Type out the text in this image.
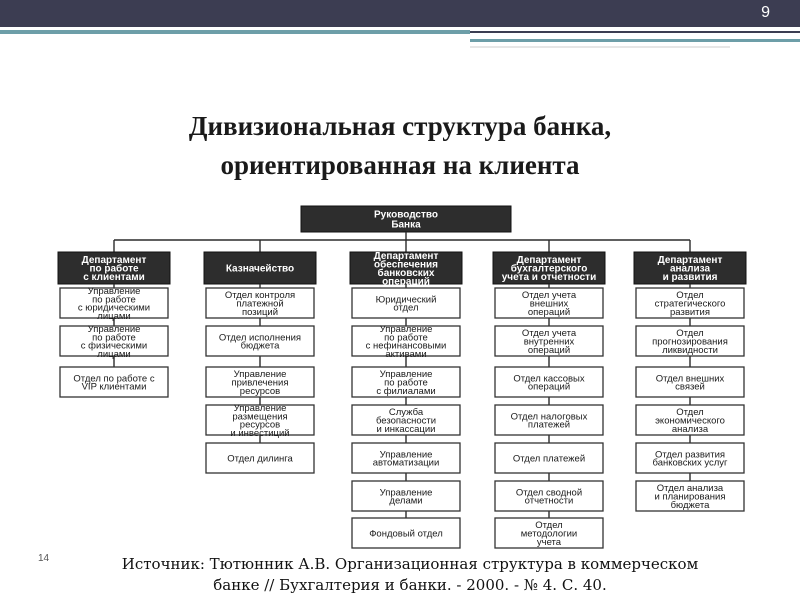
9
Дивизиональная структура банка,
ориентированная на клиента
Руководство
Банка
Департамент
по работе
с клиентами
Управление
по работе
с юридическими
лицами
Управление
по работе
с физическими
лицами
Отдел по работе с
VIP клиентами
Казначейство
Отдел контроля
платежной
позиций
Отдел исполнения
бюджета
Управление
привлечения
ресурсов
Управление
размещения
ресурсов
и инвестиций
Отдел дилинга
Департамент
обеспечения
банковских
операций
Юридический
отдел
Управление
по работе
с нефинансовыми
активами
Управление
по работе
с филиалами
Служба
безопасности
и инкассации
Управление
автоматизации
Управление
делами
Фондовый отдел
Департамент
бухгалтерского
учета и отчетности
Отдел учета
внешних
операций
Отдел учета
внутренних
операций
Отдел кассовых
операций
Отдел налоговых
платежей
Отдел платежей
Отдел сводной
отчетности
Отдел
методологии
учета
Департамент
анализа
и развития
Отдел
стратегического
развития
Отдел
прогнозирования
ликвидности
Отдел внешних
связей
Отдел
экономического
анализа
Отдел развития
банковских услуг
Отдел анализа
и планирования
бюджета
14	Источник: Тютюнник А.В. Организационная структура в коммерческом
банке // Бухгалтерия и банки. - 2000. - № 4. С. 40.
